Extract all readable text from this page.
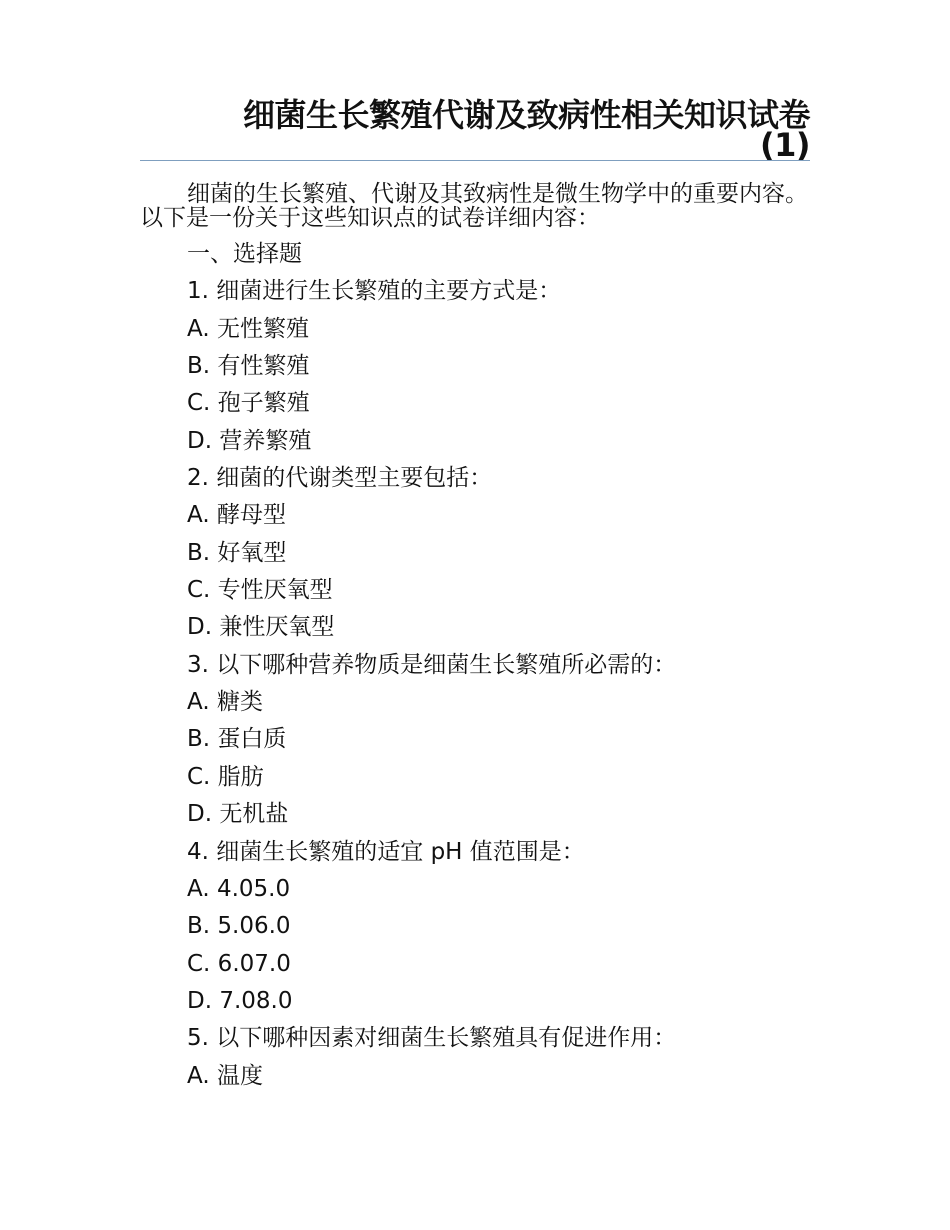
细菌生长繁殖代谢及致病性相关知识试卷
(1)
细菌的生长繁殖、代谢及其致病性是微生物学中的重要内容。以下是一份关于这些知识点的试卷详细内容：
一、选择题
1. 细菌进行生长繁殖的主要方式是：
A. 无性繁殖
B. 有性繁殖
C. 孢子繁殖
D. 营养繁殖
2. 细菌的代谢类型主要包括：
A. 酵母型
B. 好氧型
C. 专性厌氧型
D. 兼性厌氧型
3. 以下哪种营养物质是细菌生长繁殖所必需的：
A. 糖类
B. 蛋白质
C. 脂肪
D. 无机盐
4. 细菌生长繁殖的适宜 pH 值范围是：
A. 4.05.0
B. 5.06.0
C. 6.07.0
D. 7.08.0
5. 以下哪种因素对细菌生长繁殖具有促进作用：
A. 温度
